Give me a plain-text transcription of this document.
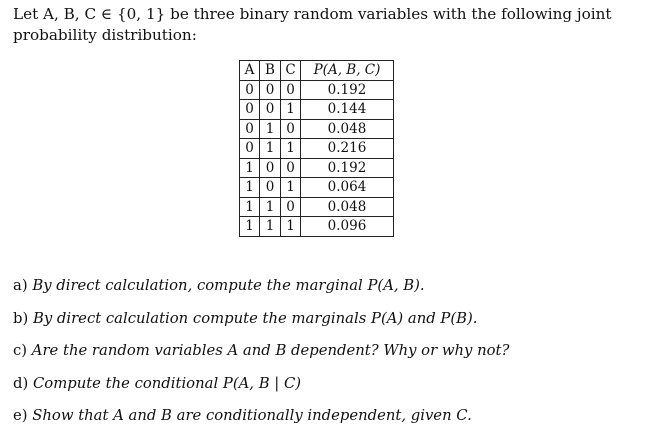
Let A, B, C ∈ {0, 1} be three binary random variables with the following joint probability distribution:
A	B	C	P(A, B, C)
0	0	0	0.192
0	0	1	0.144
0	1	0	0.048
0	1	1	0.216
1	0	0	0.192
1	0	1	0.064
1	1	0	0.048
1	1	1	0.096
a) By direct calculation, compute the marginal P(A, B).
b) By direct calculation compute the marginals P(A) and P(B).
c) Are the random variables A and B dependent? Why or why not?
d) Compute the conditional P(A, B | C)
e) Show that A and B are conditionally independent, given C.
